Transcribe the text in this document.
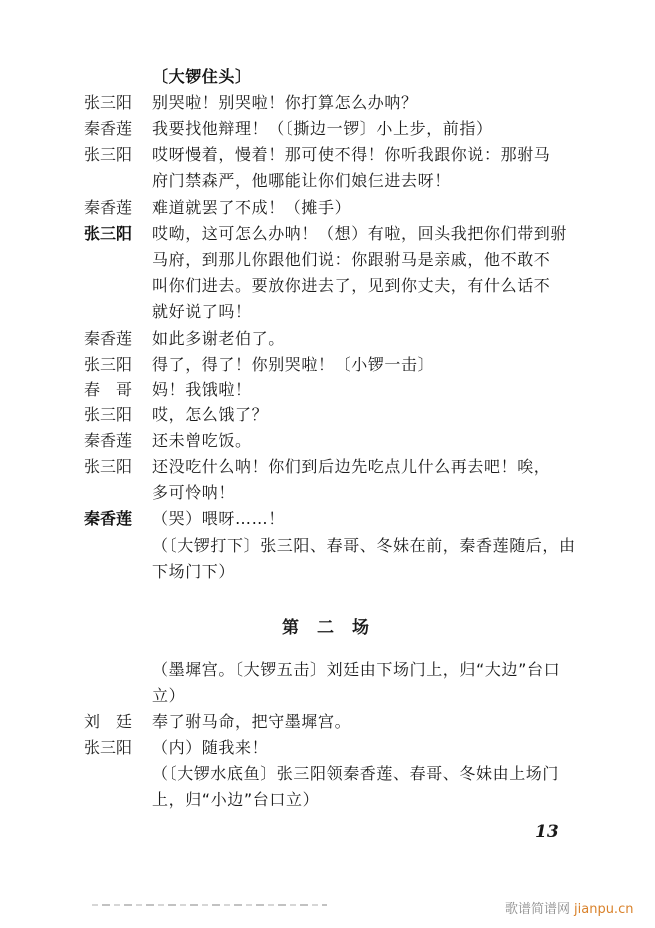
〔大锣住头〕
张三阳	别哭啦！别哭啦！你打算怎么办呐？
秦香莲	我要找他辩理！（〔撕边一锣〕小上步，前指）
张三阳	哎呀慢着，慢着！那可使不得！你听我跟你说：那驸马
府门禁森严，他哪能让你们娘仨进去呀！
秦香莲	难道就罢了不成！（摊手）
张三阳	哎呦，这可怎么办呐！（想）有啦，回头我把你们带到驸
马府，到那儿你跟他们说：你跟驸马是亲戚，他不敢不
叫你们进去。要放你进去了，见到你丈夫，有什么话不
就好说了吗！
秦香莲	如此多谢老伯了。
张三阳	得了，得了！你别哭啦！〔小锣一击〕
春　哥	妈！我饿啦！
张三阳	哎，怎么饿了？
秦香莲	还未曾吃饭。
张三阳	还没吃什么呐！你们到后边先吃点儿什么再去吧！唉，
多可怜呐！
秦香莲	（哭）喂呀……！
（〔大锣打下〕张三阳、春哥、冬妹在前，秦香莲随后，由
下场门下）
第二场
（墨墀宫。〔大锣五击〕刘廷由下场门上，归“大边”台口
立）
刘　廷	奉了驸马命，把守墨墀宫。
张三阳	（内）随我来！
（〔大锣水底鱼〕张三阳领秦香莲、春哥、冬妹由上场门
上，归“小边”台口立）
13
歌谱简谱网 jianpu.cn
